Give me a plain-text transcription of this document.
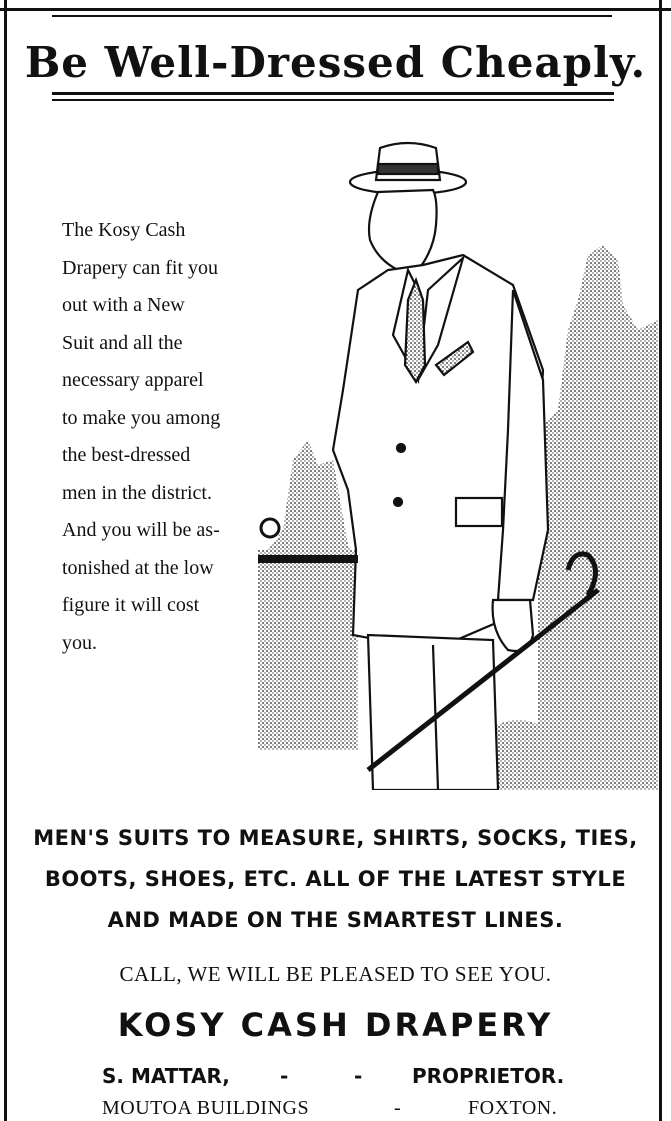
Be Well-Dressed Cheaply.
The Kosy Cash
Drapery can fit you
out with a New
Suit and all the
necessary apparel
to make you among
the best-dressed
men in the district.
And you will be as-
tonished at the low
figure it will cost
you.
MEN'S SUITS TO MEASURE, SHIRTS, SOCKS, TIES,
BOOTS, SHOES, ETC. ALL OF THE LATEST STYLE
AND MADE ON THE SMARTEST LINES.
CALL, WE WILL BE PLEASED TO SEE YOU.
KOSY CASH DRAPERY
S. MATTAR,	-	- PROPRIETOR.
MOUTOA BUILDINGS	-	FOXTON.
